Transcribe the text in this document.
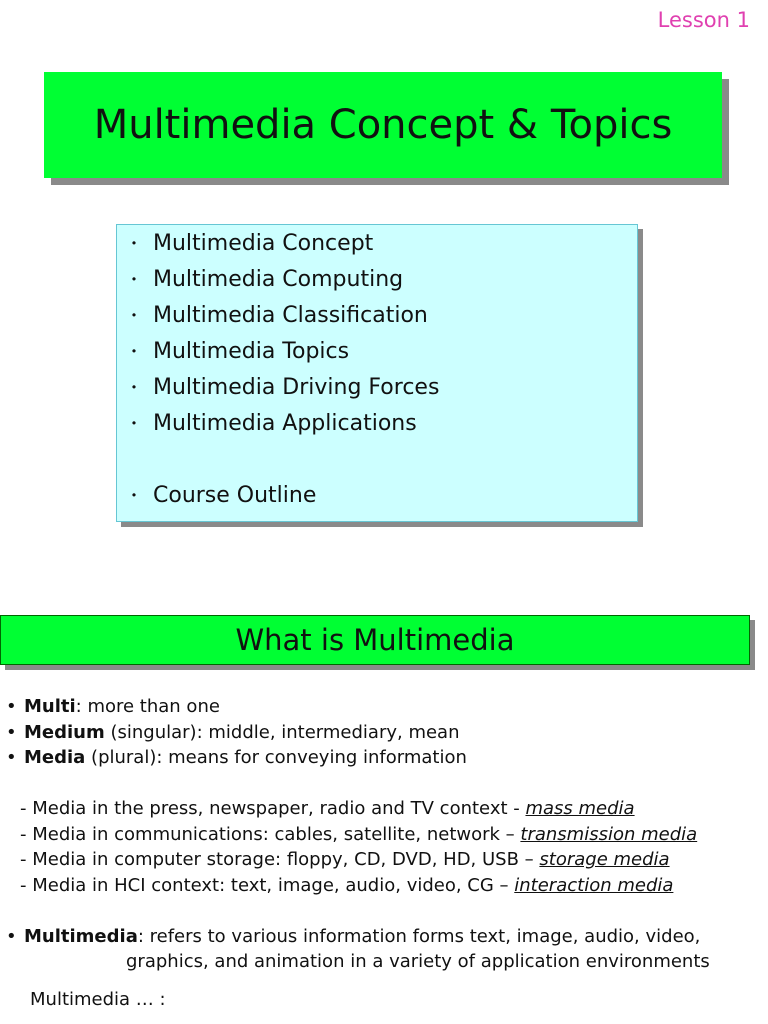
Lesson 1
Multimedia Concept & Topics
・ Multimedia Concept
・ Multimedia Computing
・ Multimedia Classification
・ Multimedia Topics
・ Multimedia Driving Forces
・ Multimedia Applications
・ Course Outline
What is Multimedia
• Multi: more than one
• Medium (singular): middle, intermediary, mean
• Media (plural): means for conveying information
- Media in the press, newspaper, radio and TV context - mass media
- Media in communications: cables, satellite, network – transmission media
- Media in computer storage: floppy, CD, DVD, HD, USB – storage media
- Media in HCI context: text, image, audio, video, CG – interaction media
• Multimedia: refers to various information forms text, image, audio, video,
graphics, and animation in a variety of application environments
Multimedia … :
